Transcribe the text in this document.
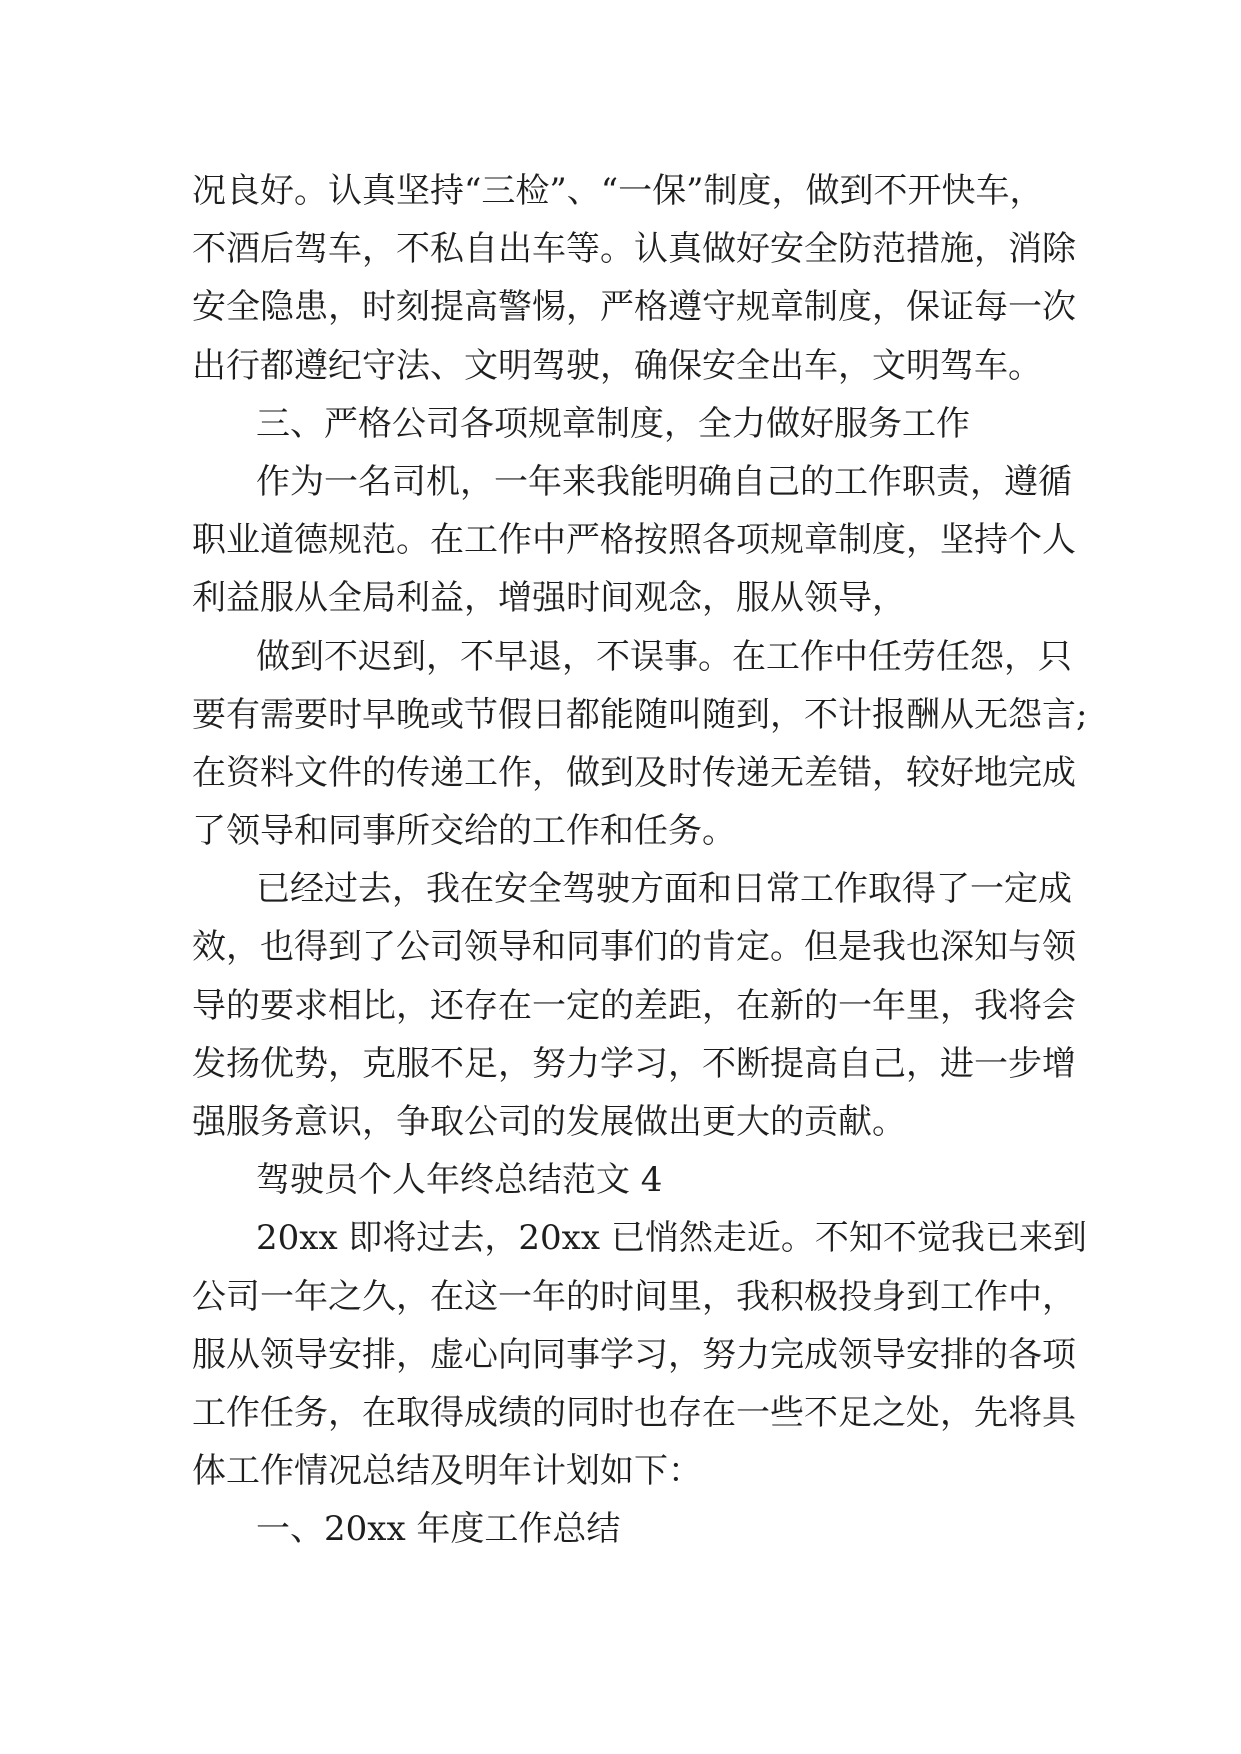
况良好。认真坚持“三检”、“一保”制度，做到不开快车，
不酒后驾车，不私自出车等。认真做好安全防范措施，消除
安全隐患，时刻提高警惕，严格遵守规章制度，保证每一次
出行都遵纪守法、文明驾驶，确保安全出车，文明驾车。
三、严格公司各项规章制度，全力做好服务工作
作为一名司机，一年来我能明确自己的工作职责，遵循
职业道德规范。在工作中严格按照各项规章制度，坚持个人
利益服从全局利益，增强时间观念，服从领导，
做到不迟到，不早退，不误事。在工作中任劳任怨，只
要有需要时早晚或节假日都能随叫随到，不计报酬从无怨言;
在资料文件的传递工作，做到及时传递无差错，较好地完成
了领导和同事所交给的工作和任务。
已经过去，我在安全驾驶方面和日常工作取得了一定成
效，也得到了公司领导和同事们的肯定。但是我也深知与领
导的要求相比，还存在一定的差距，在新的一年里，我将会
发扬优势，克服不足，努力学习，不断提高自己，进一步增
强服务意识，争取公司的发展做出更大的贡献。
驾驶员个人年终总结范文 4
20xx 即将过去，20xx 已悄然走近。不知不觉我已来到
公司一年之久，在这一年的时间里，我积极投身到工作中，
服从领导安排，虚心向同事学习，努力完成领导安排的各项
工作任务，在取得成绩的同时也存在一些不足之处，先将具
体工作情况总结及明年计划如下：
一、20xx 年度工作总结
